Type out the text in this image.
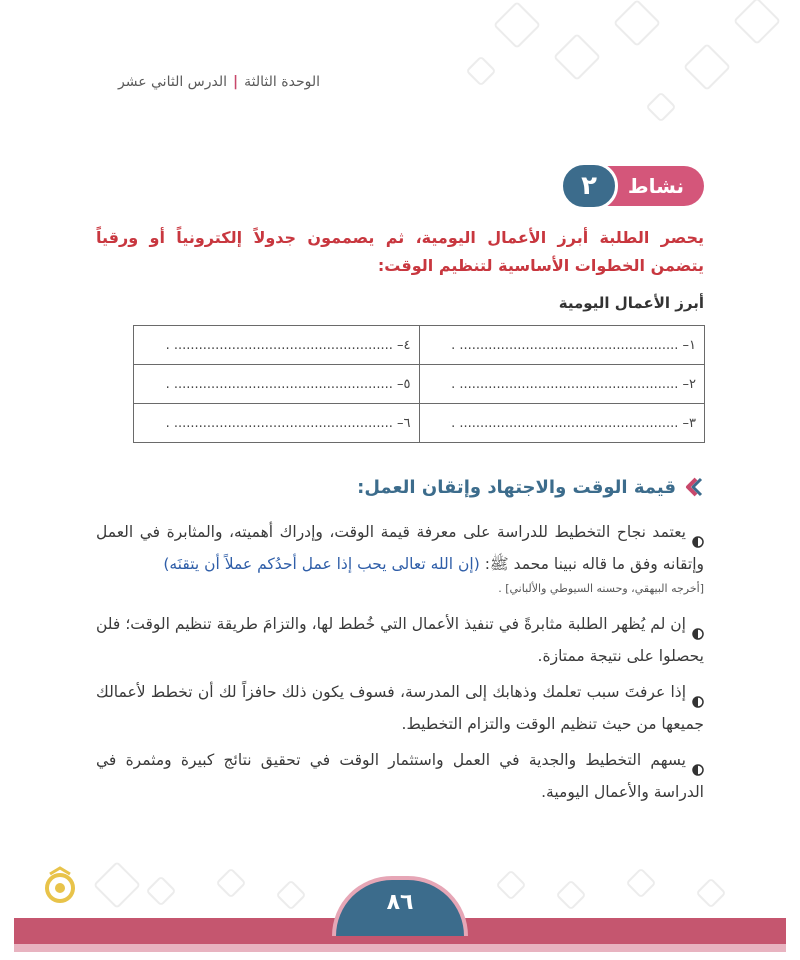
الوحدة الثالثة|الدرس الثاني عشر
نشاط
٢
يحصر الطلبة أبرز الأعمال اليومية، ثم يصممون جدولاً إلكترونياً أو ورقياً يتضمن الخطوات الأساسية لتنظيم الوقت:
أبرز الأعمال اليومية
١– ..................................................... .	٤– ..................................................... .
٢– ..................................................... .	٥– ..................................................... .
٣– ..................................................... .	٦– ..................................................... .
قيمة الوقت والاجتهاد وإتقان العمل:
يعتمد نجاح التخطيط للدراسة على معرفة قيمة الوقت، وإدراك أهميته، والمثابرة في العمل وإتقانه وفق ما قاله نبينا محمد ﷺ: (إن الله تعالى يحب إذا عمل أحدُكم عملاً أن يتقنَه)
[أخرجه البيهقي، وحسنه السيوطي والألباني] .
إن لم يُظهر الطلبة مثابرةً في تنفيذ الأعمال التي خُطط لها، والتزامَ طريقة تنظيم الوقت؛ فلن يحصلوا على نتيجة ممتازة.
إذا عرفتَ سبب تعلمك وذهابك إلى المدرسة، فسوف يكون ذلك حافزاً لك أن تخطط لأعمالك جميعها من حيث تنظيم الوقت والتزام التخطيط.
يسهم التخطيط والجدية في العمل واستثمار الوقت في تحقيق نتائج كبيرة ومثمرة في الدراسة والأعمال اليومية.
٨٦
